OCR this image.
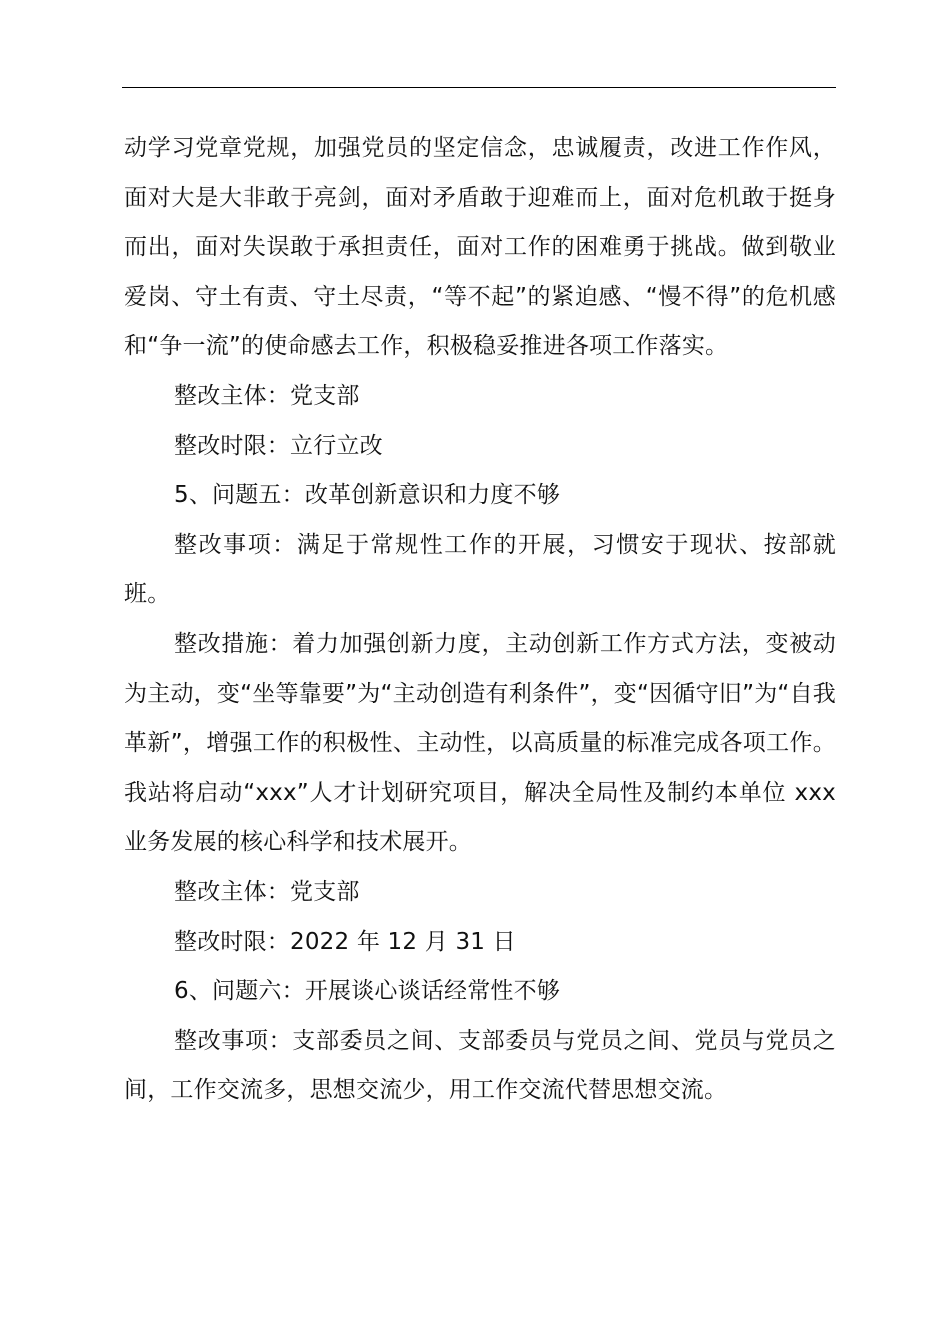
动学习党章党规，加强党员的坚定信念，忠诚履责，改进工作作风，面对大是大非敢于亮剑，面对矛盾敢于迎难而上，面对危机敢于挺身而出，面对失误敢于承担责任，面对工作的困难勇于挑战。做到敬业爱岗、守土有责、守土尽责，“等不起”的紧迫感、“慢不得”的危机感和“争一流”的使命感去工作，积极稳妥推进各项工作落实。

整改主体：党支部

整改时限：立行立改

5、问题五：改革创新意识和力度不够

整改事项：满足于常规性工作的开展，习惯安于现状、按部就班。

整改措施：着力加强创新力度，主动创新工作方式方法，变被动为主动，变“坐等靠要”为“主动创造有利条件”，变“因循守旧”为“自我革新”，增强工作的积极性、主动性，以高质量的标准完成各项工作。我站将启动“xxx”人才计划研究项目，解决全局性及制约本单位 xxx 业务发展的核心科学和技术展开。

整改主体：党支部

整改时限：2022 年 12 月 31 日

6、问题六：开展谈心谈话经常性不够

整改事项：支部委员之间、支部委员与党员之间、党员与党员之间，工作交流多，思想交流少，用工作交流代替思想交流。
